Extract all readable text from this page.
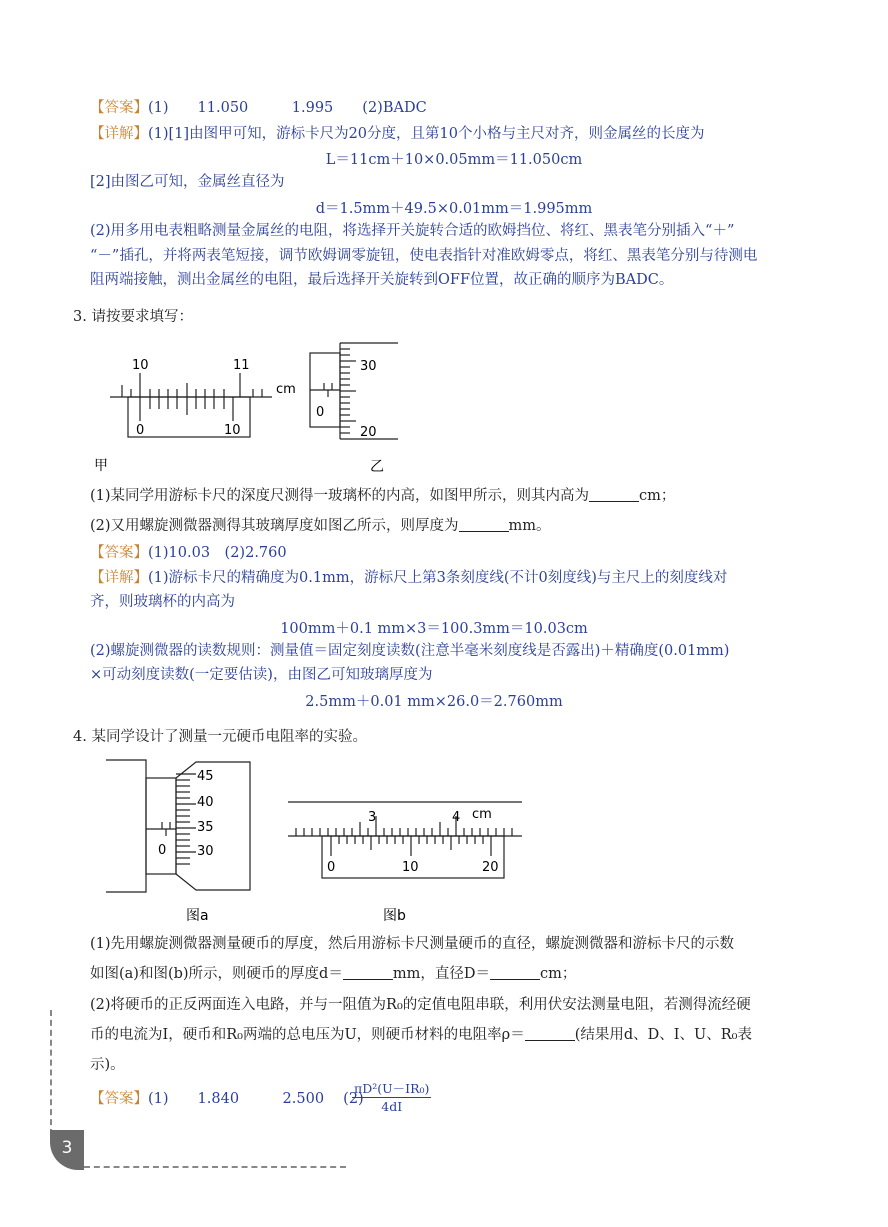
【答案】(1)　　11.050　　　1.995　　(2)BADC
【详解】(1)[1]由图甲可知，游标卡尺为20分度，且第10个小格与主尺对齐，则金属丝的长度为
L＝11cm＋10×0.05mm＝11.050cm
[2]由图乙可知，金属丝直径为
d＝1.5mm＋49.5×0.01mm＝1.995mm
(2)用多用电表粗略测量金属丝的电阻，将选择开关旋转合适的欧姆挡位、将红、黑表笔分别插入“＋”
“－”插孔，并将两表笔短接，调节欧姆调零旋钮，使电表指针对准欧姆零点，将红、黑表笔分别与待测电
阻两端接触，测出金属丝的电阻，最后选择开关旋转到OFF位置，故正确的顺序为BADC。
3. 请按要求填写：
10	11
cm
0	10
甲
30
20
0
乙
(1)某同学用游标卡尺的深度尺测得一玻璃杯的内高，如图甲所示，则其内高为	cm；
(2)又用螺旋测微器测得其玻璃厚度如图乙所示，则厚度为	mm。
【答案】(1)10.03　(2)2.760
【详解】(1)游标卡尺的精确度为0.1mm，游标尺上第3条刻度线(不计0刻度线)与主尺上的刻度线对
齐，则玻璃杯的内高为
100mm＋0.1 mm×3＝100.3mm＝10.03cm
(2)螺旋测微器的读数规则：测量值＝固定刻度读数(注意半毫米刻度线是否露出)＋精确度(0.01mm)
×可动刻度读数(一定要估读)，由图乙可知玻璃厚度为
2.5mm＋0.01 mm×26.0＝2.760mm
4. 某同学设计了测量一元硬币电阻率的实验。
45
40
35
30
0
图a
3	4 cm
0	10	20
图b
(1)先用螺旋测微器测量硬币的厚度，然后用游标卡尺测量硬币的直径，螺旋测微器和游标卡尺的示数
如图(a)和图(b)所示，则硬币的厚度d＝	mm，直径D＝	cm；
(2)将硬币的正反两面连入电路，并与一阻值为R₀的定值电阻串联，利用伏安法测量电阻，若测得流经硬
币的电流为I，硬币和R₀两端的总电压为U，则硬币材料的电阻率ρ＝	(结果用d、D、I、U、R₀表
示)。
【答案】(1)　　1.840　　　2.500　 (2)
$\frac{\text{πD²(U－IR₀)}}{4dI}$
3
